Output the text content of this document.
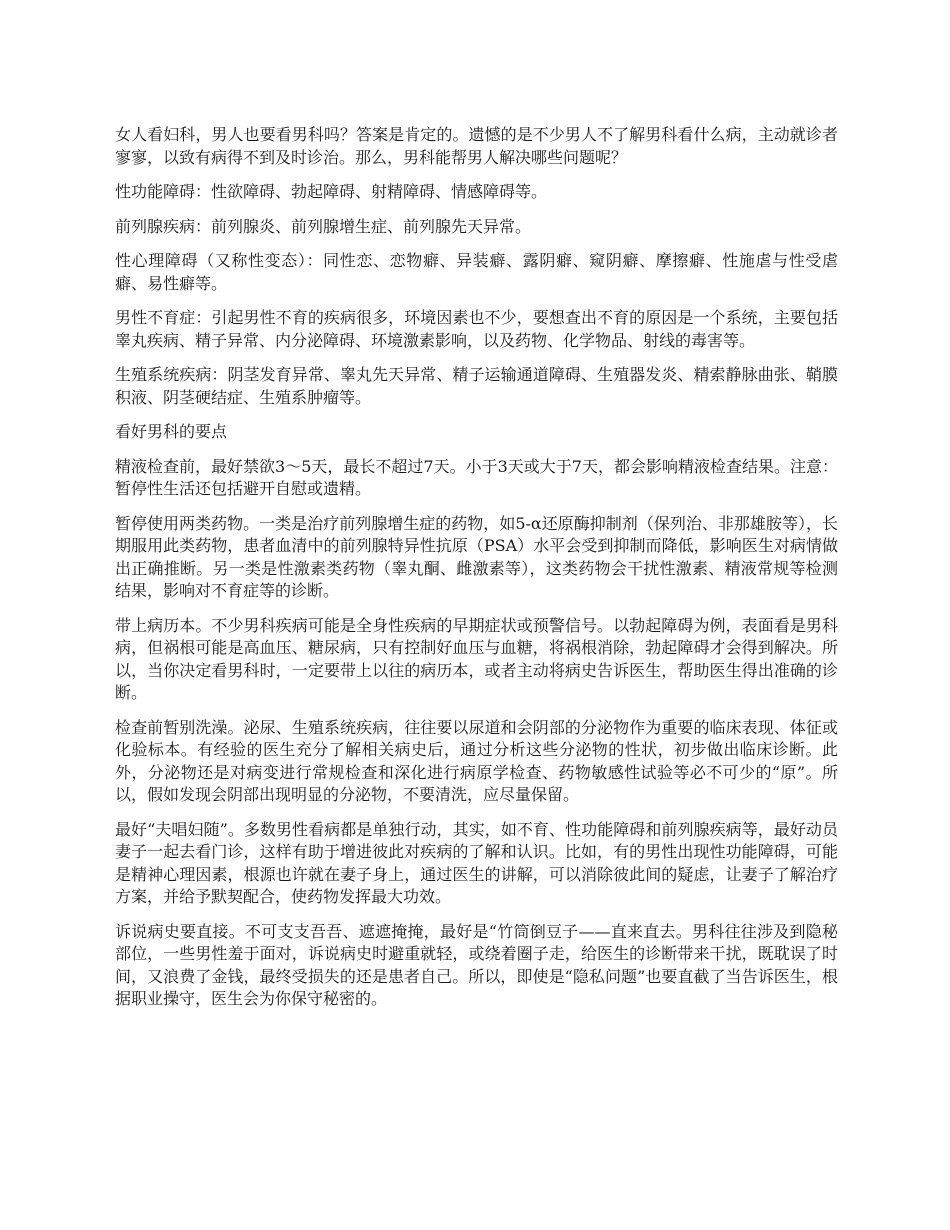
女人看妇科，男人也要看男科吗？答案是肯定的。遗憾的是不少男人不了解男科看什么病，主动就诊者寥寥，以致有病得不到及时诊治。那么，男科能帮男人解决哪些问题呢？

性功能障碍：性欲障碍、勃起障碍、射精障碍、情感障碍等。

前列腺疾病：前列腺炎、前列腺增生症、前列腺先天异常。

性心理障碍（又称性变态）：同性恋、恋物癖、异装癖、露阴癖、窥阴癖、摩擦癖、性施虐与性受虐癖、易性癖等。

男性不育症：引起男性不育的疾病很多，环境因素也不少，要想查出不育的原因是一个系统，主要包括睾丸疾病、精子异常、内分泌障碍、环境激素影响，以及药物、化学物品、射线的毒害等。

生殖系统疾病：阴茎发育异常、睾丸先天异常、精子运输通道障碍、生殖器发炎、精索静脉曲张、鞘膜积液、阴茎硬结症、生殖系肿瘤等。

看好男科的要点

精液检查前，最好禁欲3～5天，最长不超过7天。小于3天或大于7天，都会影响精液检查结果。注意：暂停性生活还包括避开自慰或遗精。

暂停使用两类药物。一类是治疗前列腺增生症的药物，如5-α还原酶抑制剂（保列治、非那雄胺等），长期服用此类药物，患者血清中的前列腺特异性抗原（PSA）水平会受到抑制而降低，影响医生对病情做出正确推断。另一类是性激素类药物（睾丸酮、雌激素等），这类药物会干扰性激素、精液常规等检测结果，影响对不育症等的诊断。

带上病历本。不少男科疾病可能是全身性疾病的早期症状或预警信号。以勃起障碍为例，表面看是男科病，但祸根可能是高血压、糖尿病，只有控制好血压与血糖，将祸根消除，勃起障碍才会得到解决。所以，当你决定看男科时，一定要带上以往的病历本，或者主动将病史告诉医生，帮助医生得出准确的诊断。

检查前暂别洗澡。泌尿、生殖系统疾病，往往要以尿道和会阴部的分泌物作为重要的临床表现、体征或化验标本。有经验的医生充分了解相关病史后，通过分析这些分泌物的性状，初步做出临床诊断。此外，分泌物还是对病变进行常规检查和深化进行病原学检查、药物敏感性试验等必不可少的“原”。所以，假如发现会阴部出现明显的分泌物，不要清洗，应尽量保留。

最好“夫唱妇随”。多数男性看病都是单独行动，其实，如不育、性功能障碍和前列腺疾病等，最好动员妻子一起去看门诊，这样有助于增进彼此对疾病的了解和认识。比如，有的男性出现性功能障碍，可能是精神心理因素，根源也许就在妻子身上，通过医生的讲解，可以消除彼此间的疑虑，让妻子了解治疗方案，并给予默契配合，使药物发挥最大功效。

诉说病史要直接。不可支支吾吾、遮遮掩掩，最好是“竹筒倒豆子——直来直去。男科往往涉及到隐秘部位，一些男性羞于面对，诉说病史时避重就轻，或绕着圈子走，给医生的诊断带来干扰，既耽误了时间，又浪费了金钱，最终受损失的还是患者自己。所以，即使是“隐私问题”也要直截了当告诉医生，根据职业操守，医生会为你保守秘密的。
